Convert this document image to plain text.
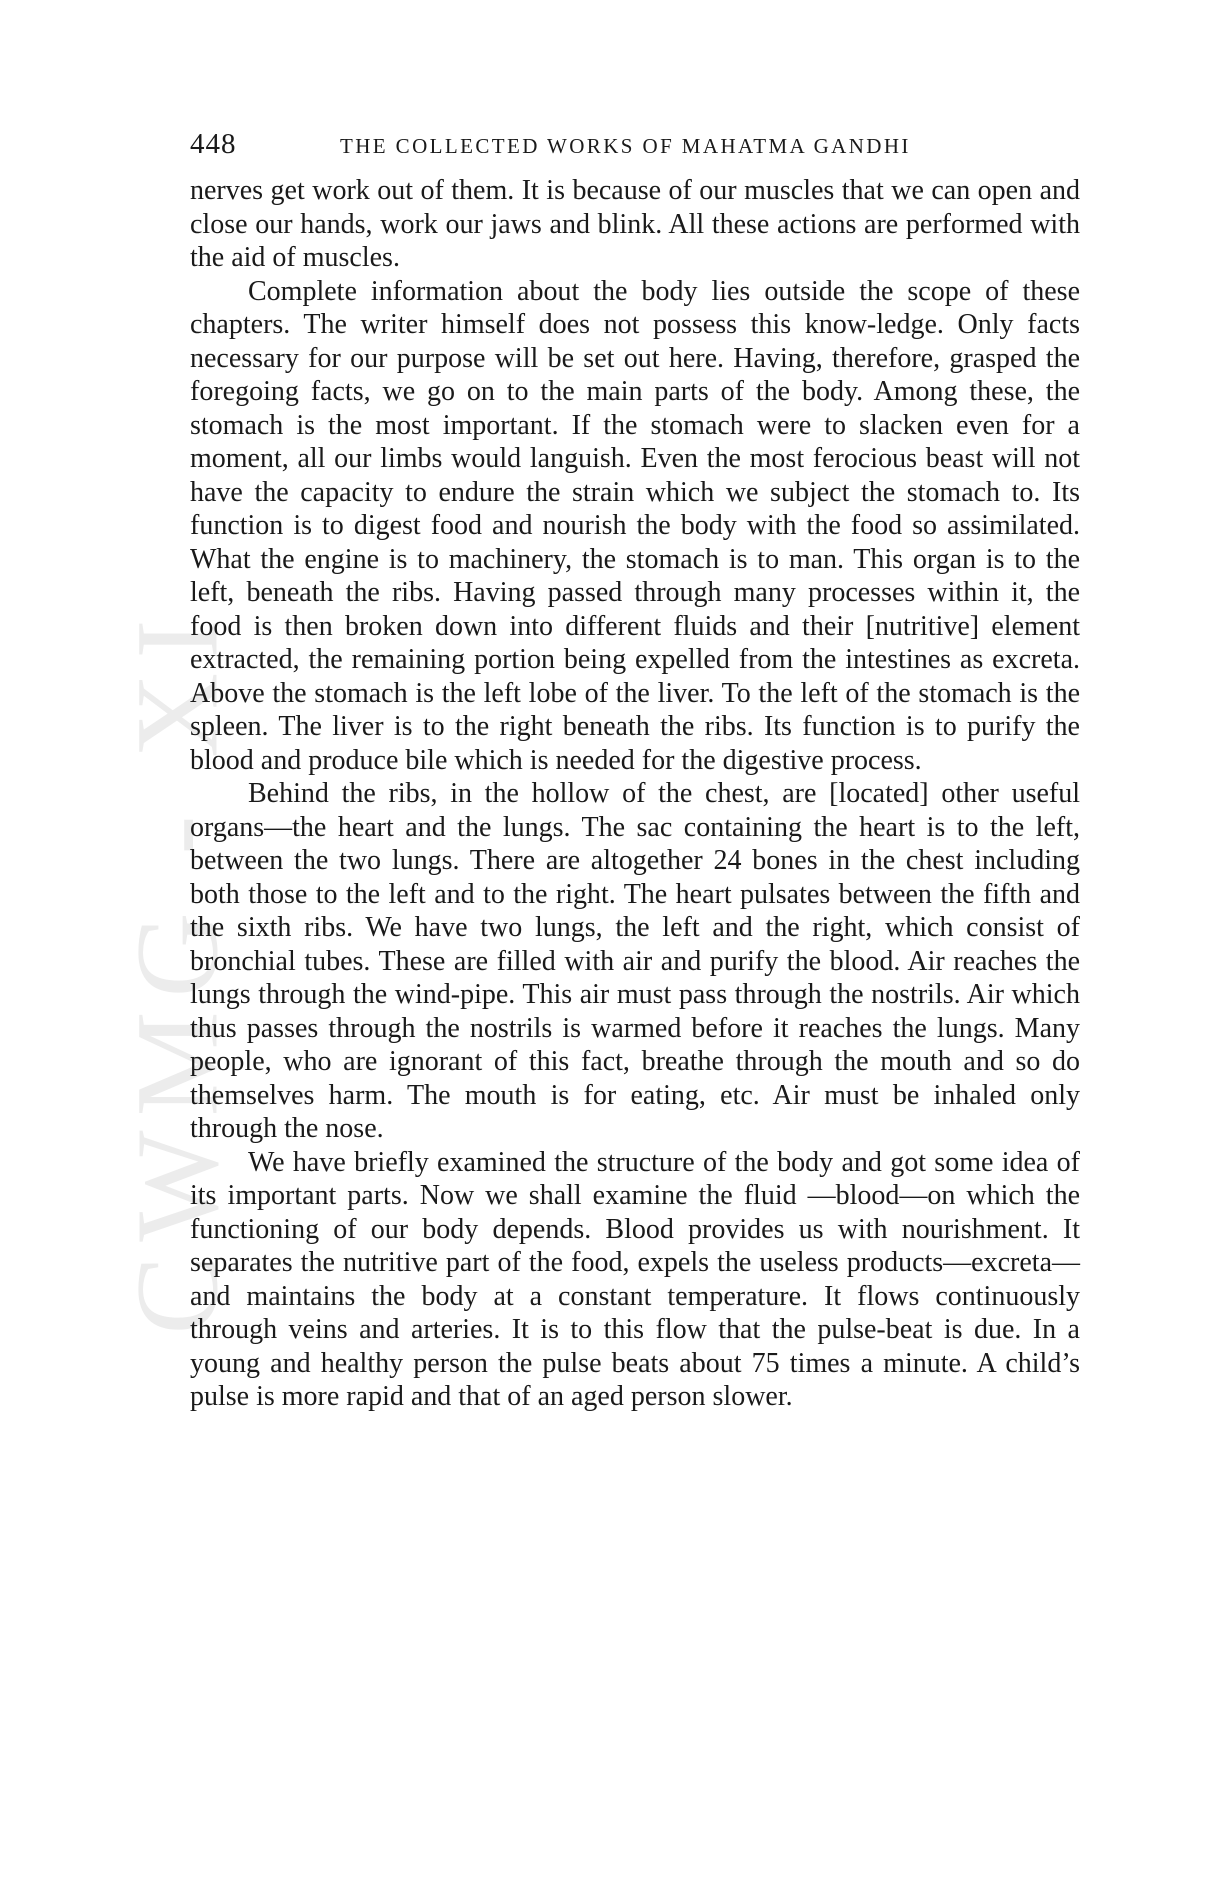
CWMG - XI
448	THE COLLECTED WORKS OF MAHATMA GANDHI

nerves get work out of them. It is because of our muscles that we can open and close our hands, work our jaws and blink. All these actions are performed with the aid of muscles.

Complete information about the body lies outside the scope of these chapters. The writer himself does not possess this know-ledge. Only facts necessary for our purpose will be set out here. Having, therefore, grasped the foregoing facts, we go on to the main parts of the body. Among these, the stomach is the most important. If the stomach were to slacken even for a moment, all our limbs would languish. Even the most ferocious beast will not have the capacity to endure the strain which we subject the stomach to. Its function is to digest food and nourish the body with the food so assimilated. What the engine is to machinery, the stomach is to man. This organ is to the left, beneath the ribs. Having passed through many processes within it, the food is then broken down into different fluids and their [nutritive] element extracted, the remaining portion being expelled from the intestines as excreta. Above the stomach is the left lobe of the liver. To the left of the stomach is the spleen. The liver is to the right beneath the ribs. Its function is to purify the blood and produce bile which is needed for the digestive process.

Behind the ribs, in the hollow of the chest, are [located] other useful organs—the heart and the lungs. The sac containing the heart is to the left, between the two lungs. There are altogether 24 bones in the chest including both those to the left and to the right. The heart pulsates between the fifth and the sixth ribs. We have two lungs, the left and the right, which consist of bronchial tubes. These are filled with air and purify the blood. Air reaches the lungs through the wind-pipe. This air must pass through the nostrils. Air which thus passes through the nostrils is warmed before it reaches the lungs. Many people, who are ignorant of this fact, breathe through the mouth and so do themselves harm. The mouth is for eating, etc. Air must be inhaled only through the nose.

We have briefly examined the structure of the body and got some idea of its important parts. Now we shall examine the fluid —blood—on which the functioning of our body depends. Blood provides us with nourishment. It separates the nutritive part of the food, expels the useless products—excreta—and maintains the body at a constant temperature. It flows continuously through veins and arteries. It is to this flow that the pulse-beat is due. In a young and healthy person the pulse beats about 75 times a minute. A child’s pulse is more rapid and that of an aged person slower.
